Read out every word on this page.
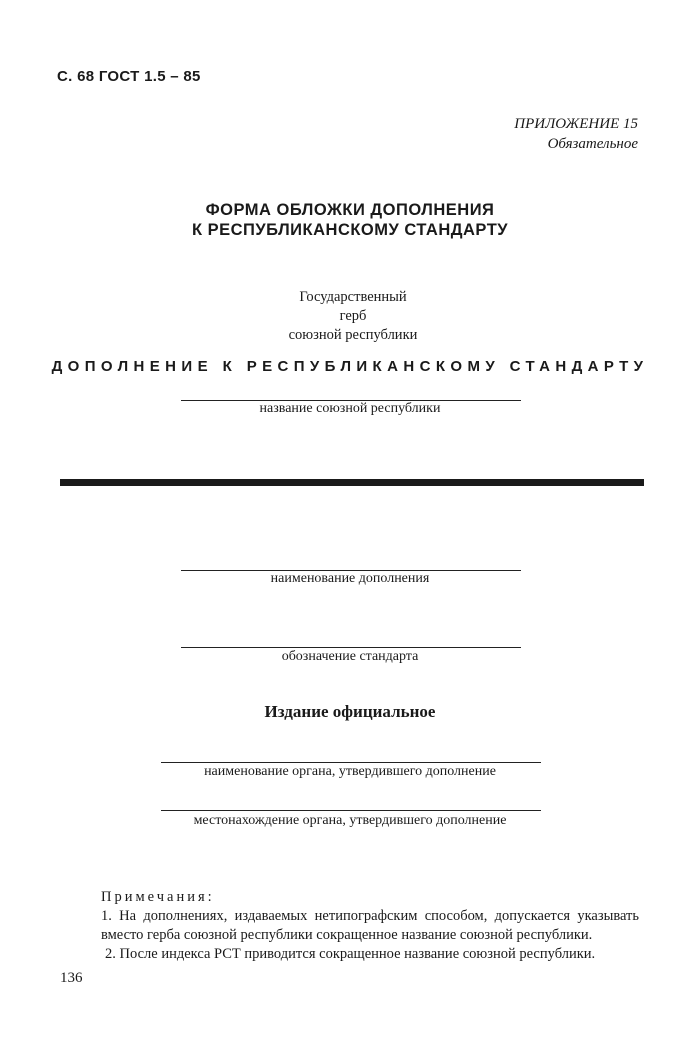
С. 68 ГОСТ 1.5 – 85
ПРИЛОЖЕНИЕ 15
Обязательное
ФОРМА ОБЛОЖКИ ДОПОЛНЕНИЯ
К РЕСПУБЛИКАНСКОМУ СТАНДАРТУ
Государственный
герб
союзной республики
ДОПОЛНЕНИЕ К РЕСПУБЛИКАНСКОМУ СТАНДАРТУ
название союзной республики
наименование дополнения
обозначение стандарта
Издание официальное
наименование органа, утвердившего дополнение
местонахождение органа, утвердившего дополнение
Примечания:
1. На дополнениях, издаваемых нетипографским способом, допускается указывать вместо герба союзной республики сокращенное название союзной республики.
2. После индекса РСТ приводится сокращенное название союзной республики.
136
